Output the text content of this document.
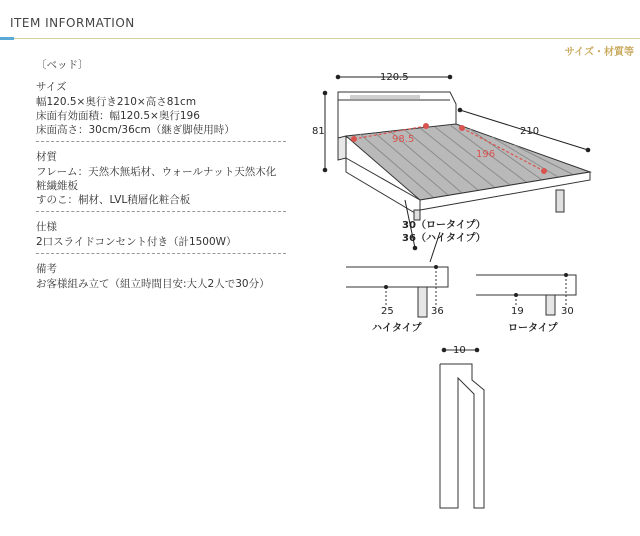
ITEM INFORMATION
サイズ・材質等
〔ベッド〕
サイズ
幅120.5×奥行き210×高さ81cm
床面有効面積：幅120.5×奥行196
床面高さ：30cm/36cm（継ぎ脚使用時）
材質
フレーム：天然木無垢材、ウォールナット天然木化
粧繊維板
すのこ：桐材、LVL積層化粧合板
仕様
2口スライドコンセント付き（計1500W）
備考
お客様組み立て（組立時間目安:大人2人で30分）
120.5
81	210
98.5
196
30 （ロータイプ）
36 （ハイタイプ）
25	36
ハイタイプ
19	30
ロータイプ
10
